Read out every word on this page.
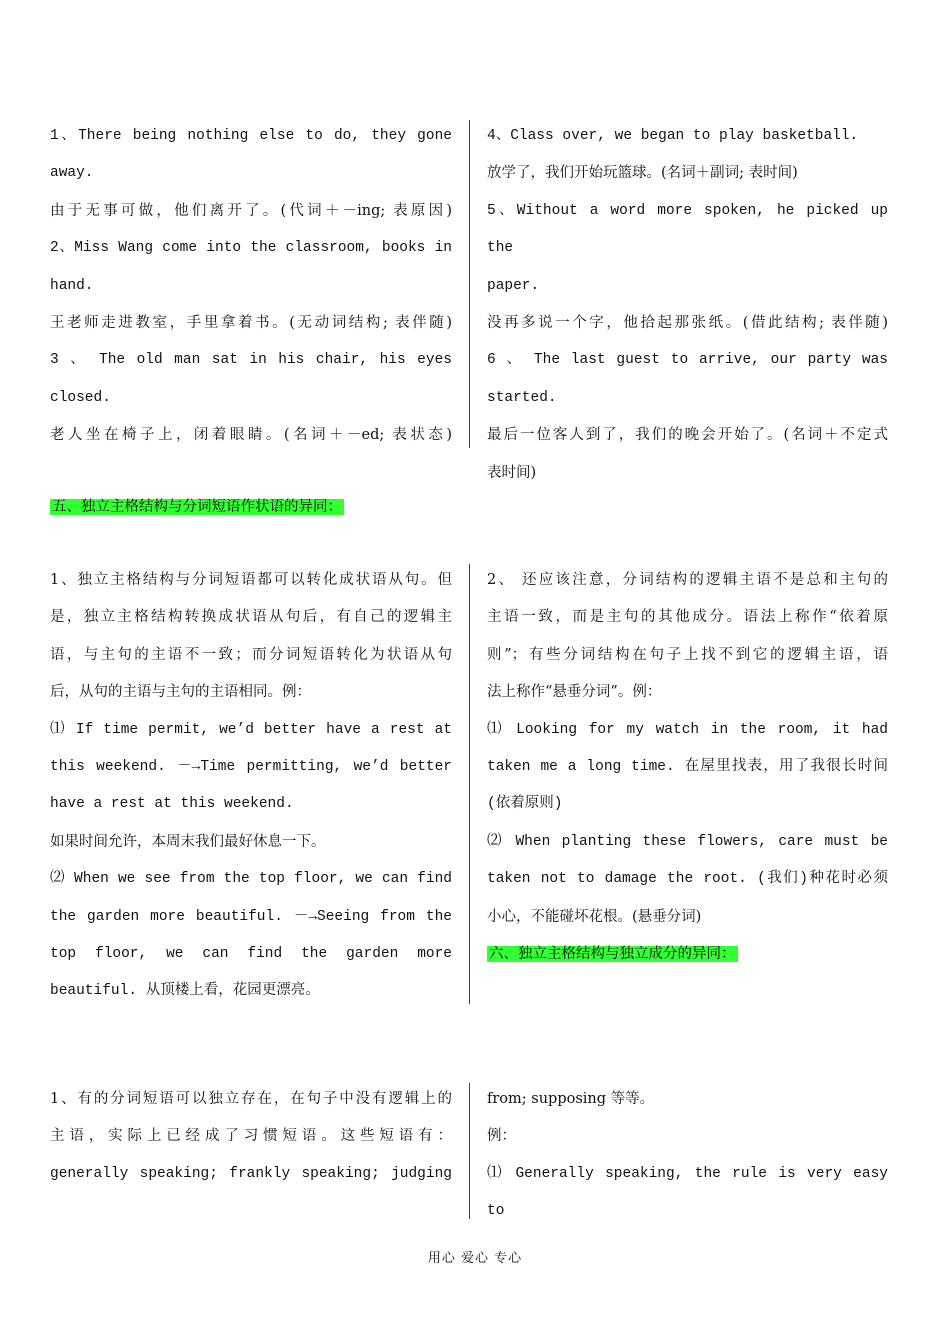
1、There being nothing else to do, they gone

away.

由于无事可做，他们离开了。(代词＋－ing; 表原因)

2、Miss Wang come into the classroom, books in

hand.

王老师走进教室，手里拿着书。(无动词结构; 表伴随)

3 、 The old man sat in his chair, his eyes

closed.

老人坐在椅子上，闭着眼睛。(名词＋－ed; 表状态)

4、Class over, we began to play basketball.

放学了，我们开始玩篮球。(名词＋副词; 表时间)

5、Without a word more spoken, he picked up the

paper.

没再多说一个字，他拾起那张纸。(借此结构; 表伴随)

6 、 The last guest to arrive, our party was

started.

最后一位客人到了，我们的晚会开始了。(名词＋不定式

表时间)

五、独立主格结构与分词短语作状语的异同：

1、独立主格结构与分词短语都可以转化成状语从句。但

是，独立主格结构转换成状语从句后，有自己的逻辑主

语，与主句的主语不一致；而分词短语转化为状语从句

后，从句的主语与主句的主语相同。例：

⑴ If time permit, we’d better have a rest at

this weekend. －→Time permitting, we’d better

have a rest at this weekend.

如果时间允许，本周末我们最好休息一下。

⑵ When we see from the top floor, we can find

the garden more beautiful. －→Seeing from the

top floor, we can find the garden more

beautiful. 从顶楼上看，花园更漂亮。

2、 还应该注意，分词结构的逻辑主语不是总和主句的

主语一致，而是主句的其他成分。语法上称作“依着原

则”；有些分词结构在句子上找不到它的逻辑主语，语

法上称作“悬垂分词”。例：

⑴ Looking for my watch in the room, it had

taken me a long time. 在屋里找表，用了我很长时间

(依着原则)

⑵ When planting these flowers, care must be

taken not to damage the root. (我们)种花时必须

小心，不能碰坏花根。(悬垂分词)

六、独立主格结构与独立成分的异同：

1、有的分词短语可以独立存在，在句子中没有逻辑上的

主语，实际上已经成了习惯短语。这些短语有：

generally speaking; frankly speaking; judging

from; supposing 等等。

例：

⑴ Generally speaking, the rule is very easy to

用心 爱心 专心
